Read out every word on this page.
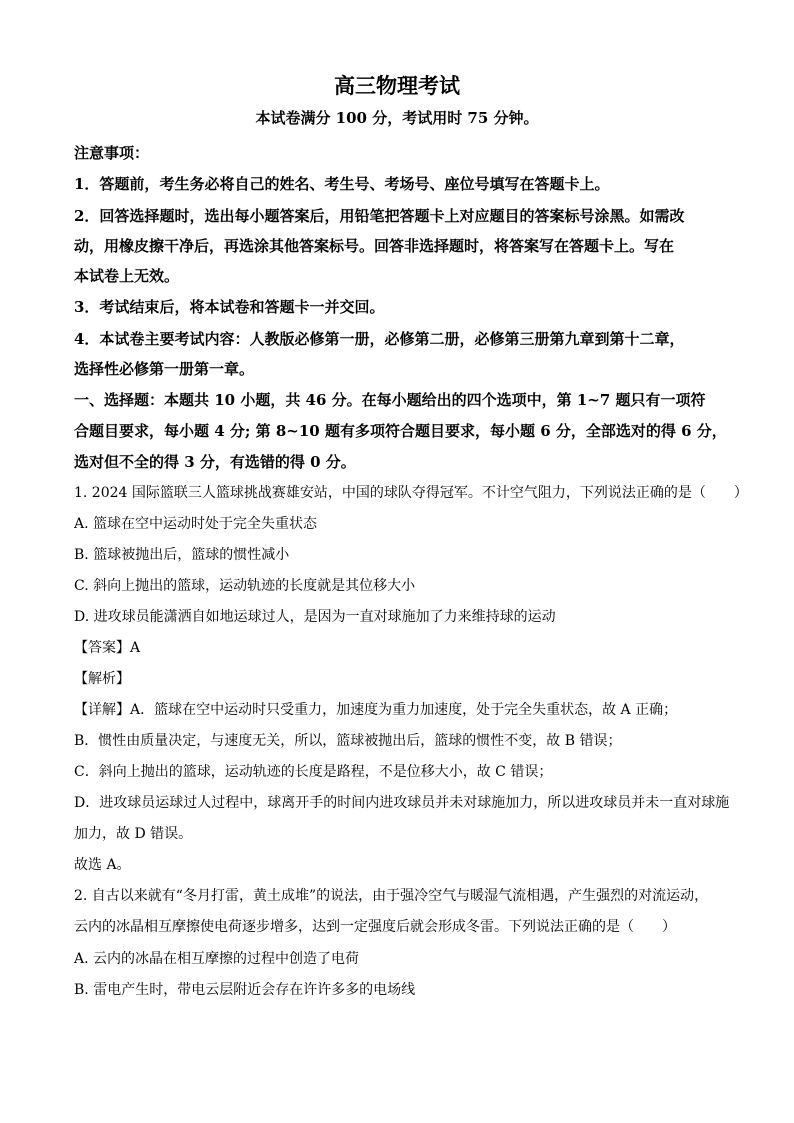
高三物理考试
本试卷满分 100 分，考试用时 75 分钟。
注意事项：
1．答题前，考生务必将自己的姓名、考生号、考场号、座位号填写在答题卡上。
2．回答选择题时，选出每小题答案后，用铅笔把答题卡上对应题目的答案标号涂黑。如需改
动，用橡皮擦干净后，再选涂其他答案标号。回答非选择题时，将答案写在答题卡上。写在
本试卷上无效。
3．考试结束后，将本试卷和答题卡一并交回。
4．本试卷主要考试内容：人教版必修第一册，必修第二册，必修第三册第九章到第十二章，
选择性必修第一册第一章。
一、选择题：本题共 10 小题，共 46 分。在每小题给出的四个选项中，第 1~7 题只有一项符
合题目要求，每小题 4 分; 第 8~10 题有多项符合题目要求，每小题 6 分，全部选对的得 6 分，
选对但不全的得 3 分，有选错的得 0 分。
1. 2024 国际篮联三人篮球挑战赛雄安站，中国的球队夺得冠军。不计空气阻力，下列说法正确的是（　　）
A. 篮球在空中运动时处于完全失重状态
B. 篮球被抛出后，篮球的惯性减小
C. 斜向上抛出的篮球，运动轨迹的长度就是其位移大小
D. 进攻球员能潇洒自如地运球过人，是因为一直对球施加了力来维持球的运动
【答案】A
【解析】
【详解】A．篮球在空中运动时只受重力，加速度为重力加速度，处于完全失重状态，故 A 正确；
B．惯性由质量决定，与速度无关，所以，篮球被抛出后，篮球的惯性不变，故 B 错误；
C．斜向上抛出的篮球，运动轨迹的长度是路程，不是位移大小，故 C 错误；
D．进攻球员运球过人过程中，球离开手的时间内进攻球员并未对球施加力，所以进攻球员并未一直对球施
加力，故 D 错误。
故选 A。
2. 自古以来就有“冬月打雷，黄土成堆”的说法，由于强冷空气与暖湿气流相遇，产生强烈的对流运动，
云内的冰晶相互摩擦使电荷逐步增多，达到一定强度后就会形成冬雷。下列说法正确的是（　　）
A. 云内的冰晶在相互摩擦的过程中创造了电荷
B. 雷电产生时，带电云层附近会存在许许多多的电场线
